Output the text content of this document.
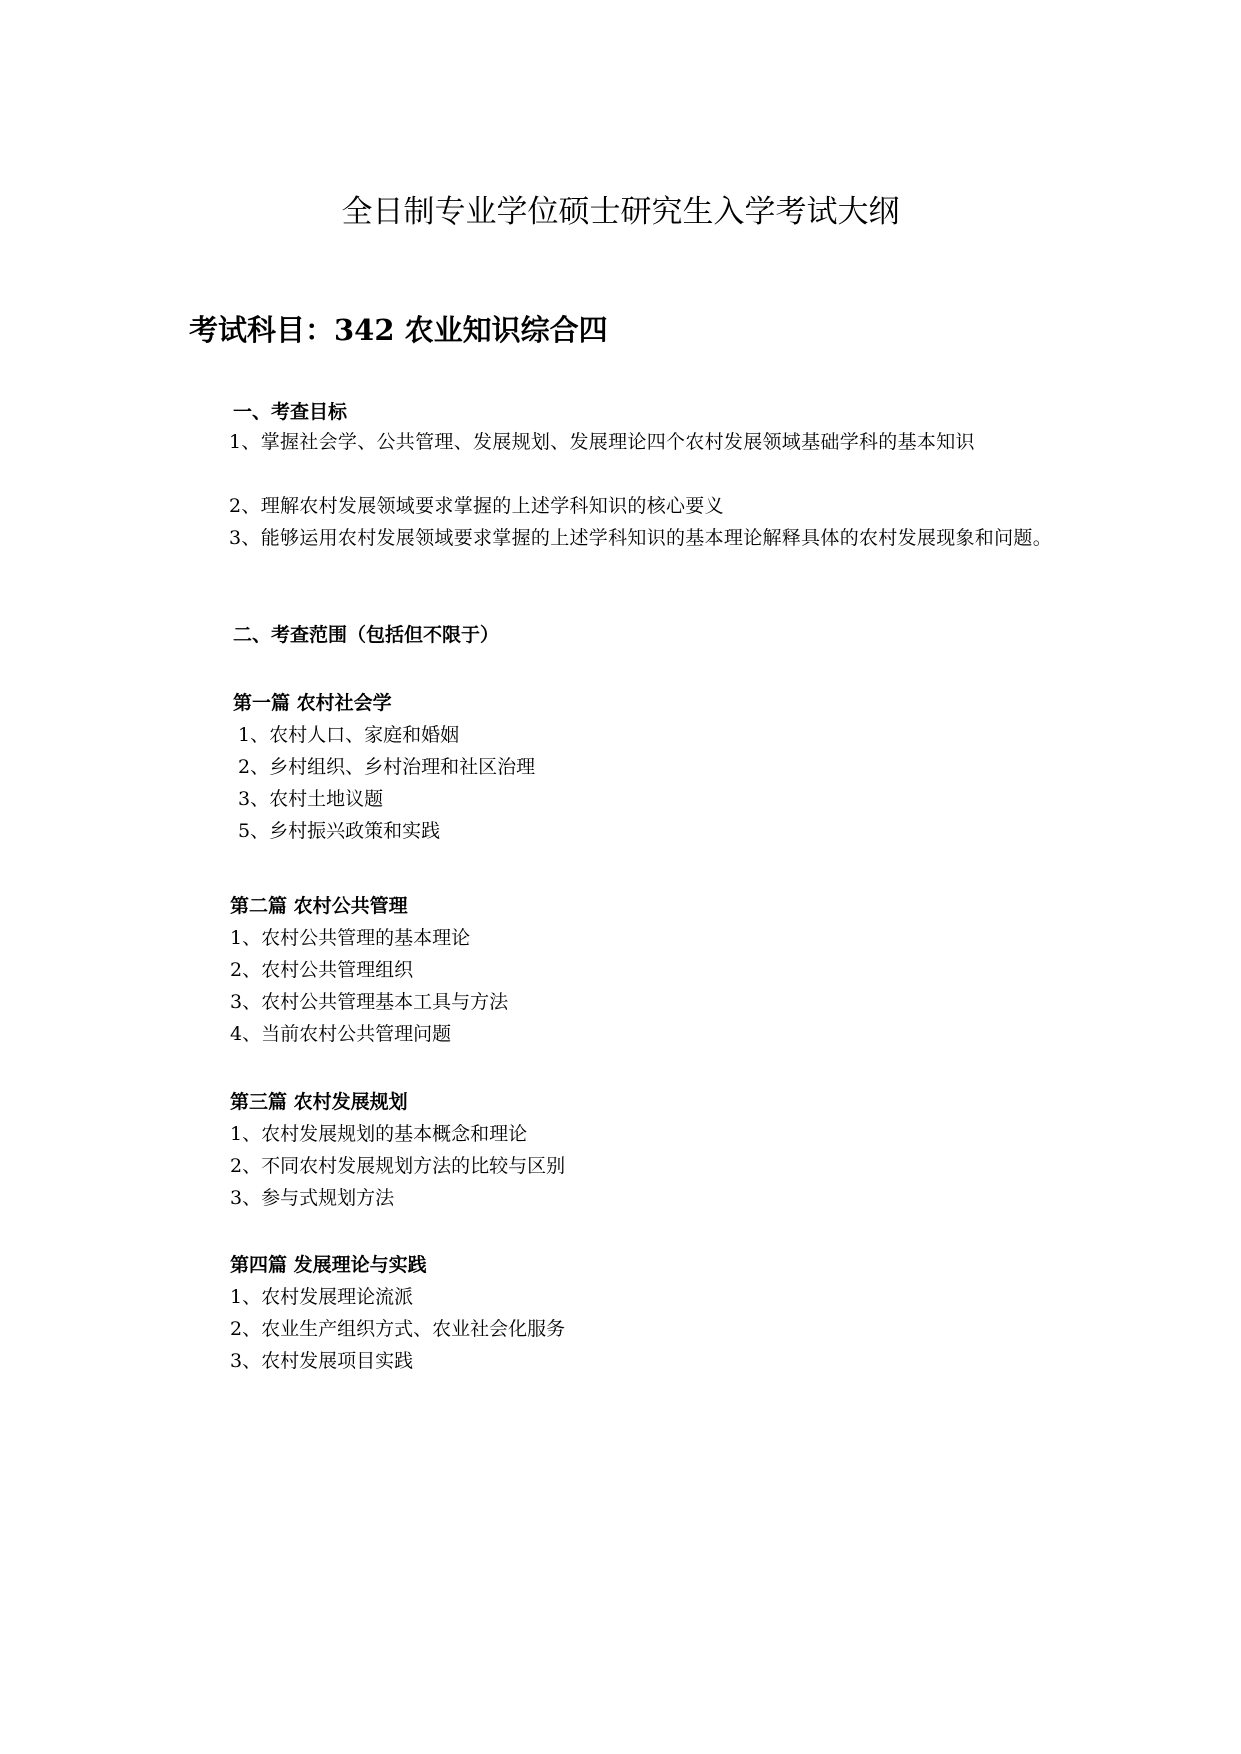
全日制专业学位硕士研究生入学考试大纲
考试科目：342 农业知识综合四
一、考查目标
1、掌握社会学、公共管理、发展规划、发展理论四个农村发展领域基础学科的基本知识
2、理解农村发展领域要求掌握的上述学科知识的核心要义
3、能够运用农村发展领域要求掌握的上述学科知识的基本理论解释具体的农村发展现象和问题。
二、考查范围（包括但不限于）
第一篇 农村社会学
1、农村人口、家庭和婚姻
2、乡村组织、乡村治理和社区治理
3、农村土地议题
5、乡村振兴政策和实践
第二篇 农村公共管理
1、农村公共管理的基本理论
2、农村公共管理组织
3、农村公共管理基本工具与方法
4、当前农村公共管理问题
第三篇 农村发展规划
1、农村发展规划的基本概念和理论
2、不同农村发展规划方法的比较与区别
3、参与式规划方法
第四篇 发展理论与实践
1、农村发展理论流派
2、农业生产组织方式、农业社会化服务
3、农村发展项目实践
